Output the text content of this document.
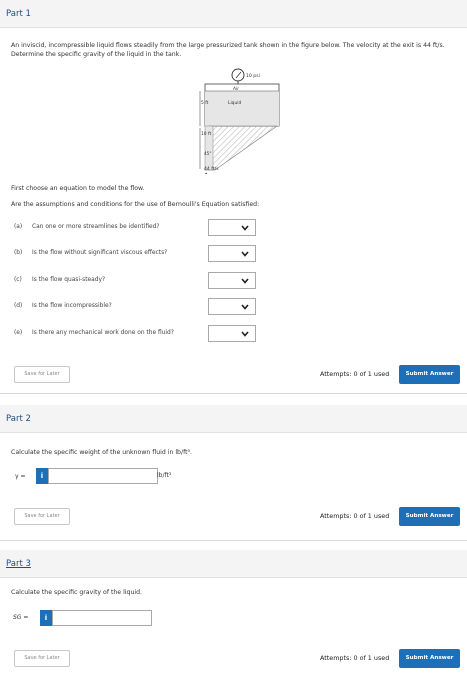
Part 1
An inviscid, incompressible liquid flows steadily from the large pressurized tank shown in the figure below. The velocity at the exit is 44 ft/s. Determine the specific gravity of the liquid in the tank.
10 psi
Air
Liquid
5 ft
10 ft
45°
44 ft/s
First choose an equation to model the flow.
Are the assumptions and conditions for the use of Bernoulli's Equation satisfied:
(a) Can one or more streamlines be identified?
(b) Is the flow without significant viscous effects?
(c) Is the flow quasi-steady?
(d) Is the flow incompressible?
(e) Is there any mechanical work done on the fluid?
Save for Later	Attempts: 0 of 1 used	Submit Answer
Part 2
Calculate the specific weight of the unknown fluid in lb/ft³.
γ =	i	lb/ft³
Save for Later	Attempts: 0 of 1 used	Submit Answer
Part 3
Calculate the specific gravity of the liquid.
SG =	i
Save for Later	Attempts: 0 of 1 used	Submit Answer
